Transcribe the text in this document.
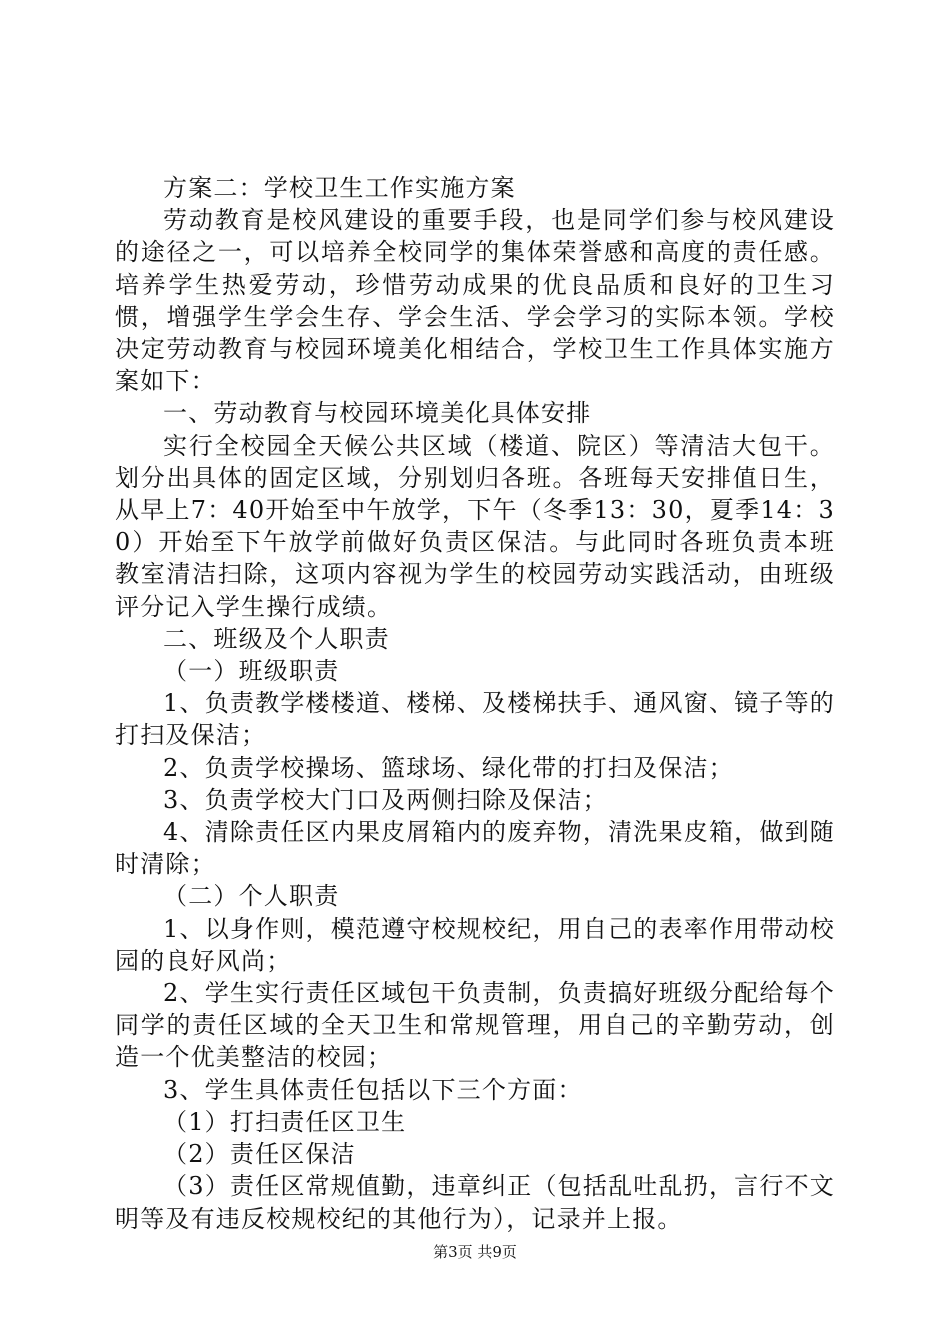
方案二：学校卫生工作实施方案

劳动教育是校风建设的重要手段，也是同学们参与校风建设的途径之一，可以培养全校同学的集体荣誉感和高度的责任感。培养学生热爱劳动，珍惜劳动成果的优良品质和良好的卫生习惯，增强学生学会生存、学会生活、学会学习的实际本领。学校决定劳动教育与校园环境美化相结合，学校卫生工作具体实施方案如下：

一、劳动教育与校园环境美化具体安排

实行全校园全天候公共区域（楼道、院区）等清洁大包干。划分出具体的固定区域，分别划归各班。各班每天安排值日生，从早上7：40开始至中午放学，下午（冬季13：30，夏季14：30）开始至下午放学前做好负责区保洁。与此同时各班负责本班教室清洁扫除，这项内容视为学生的校园劳动实践活动，由班级评分记入学生操行成绩。

二、班级及个人职责

（一）班级职责

1、负责教学楼楼道、楼梯、及楼梯扶手、通风窗、镜子等的打扫及保洁；

2、负责学校操场、篮球场、绿化带的打扫及保洁；

3、负责学校大门口及两侧扫除及保洁；

4、清除责任区内果皮屑箱内的废弃物，清洗果皮箱，做到随时清除；

（二）个人职责

1、以身作则，模范遵守校规校纪，用自己的表率作用带动校园的良好风尚；

2、学生实行责任区域包干负责制，负责搞好班级分配给每个同学的责任区域的全天卫生和常规管理，用自己的辛勤劳动，创造一个优美整洁的校园；

3、学生具体责任包括以下三个方面：

（1）打扫责任区卫生

（2）责任区保洁

（3）责任区常规值勤，违章纠正（包括乱吐乱扔，言行不文明等及有违反校规校纪的其他行为），记录并上报。

第3页 共9页
